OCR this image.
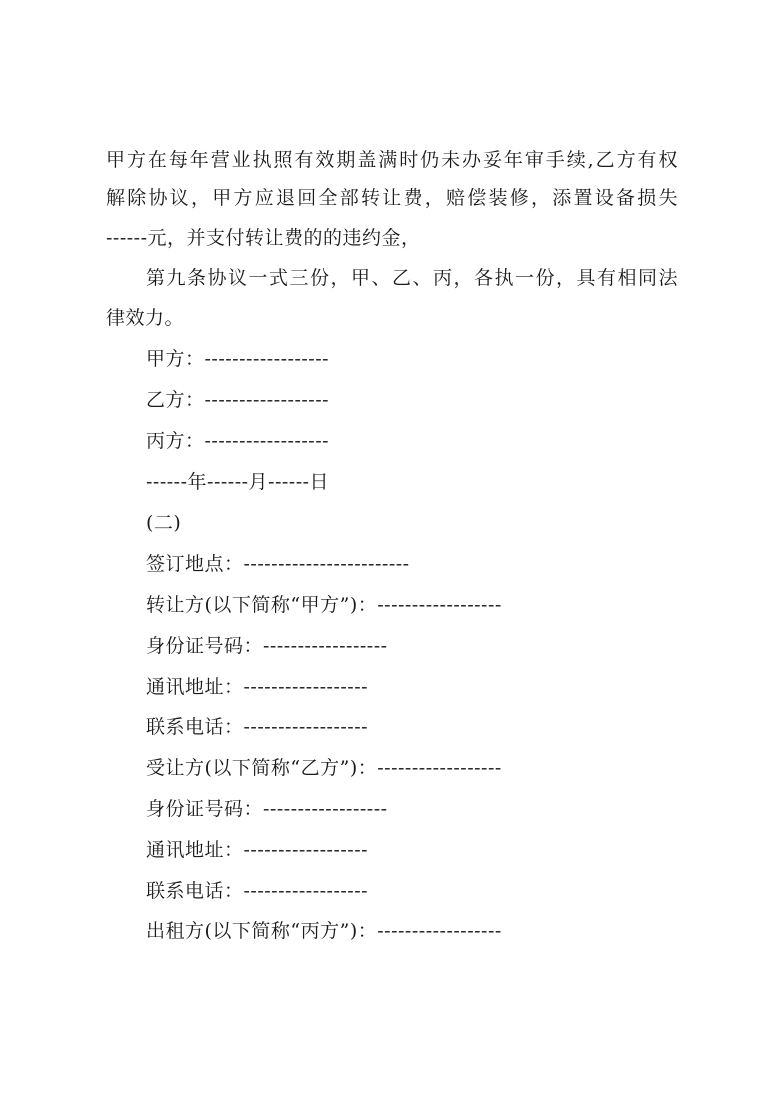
甲方在每年营业执照有效期盖满时仍未办妥年审手续,乙方有权
解除协议，甲方应退回全部转让费，赔偿装修，添置设备损失
------元，并支付转让费的的违约金，
第九条协议一式三份，甲、乙、丙，各执一份，具有相同法
律效力。
甲方：------------------
乙方：------------------
丙方：------------------
------年------月------日
(二)
签订地点：------------------------
转让方(以下简称“甲方”)：------------------
身份证号码：------------------
通讯地址：------------------
联系电话：------------------
受让方(以下简称“乙方”)：------------------
身份证号码：------------------
通讯地址：------------------
联系电话：------------------
出租方(以下简称“丙方”)：------------------
